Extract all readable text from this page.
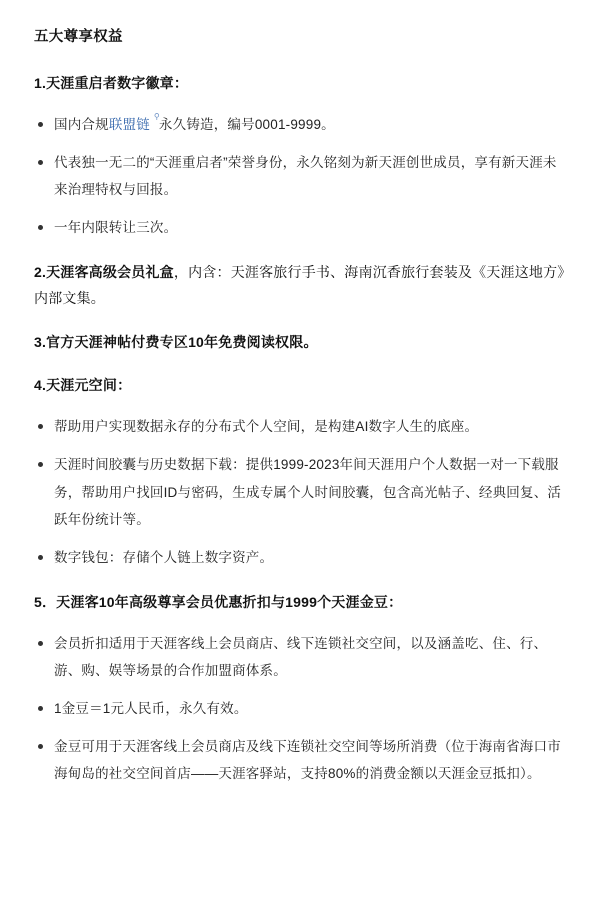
五大尊享权益
1.天涯重启者数字徽章：
国内合规联盟链
⚲
永久铸造，编号0001-9999。
代表独一无二的“天涯重启者”荣誉身份，永久铭刻为新天涯创世成员，享有新天涯未来治理特权与回报。
一年内限转让三次。
2.天涯客高级会员礼盒，内含：天涯客旅行手书、海南沉香旅行套装及《天涯这地方》内部文集。
3.官方天涯神帖付费专区10年免费阅读权限。
4.天涯元空间：
帮助用户实现数据永存的分布式个人空间，是构建AI数字人生的底座。
天涯时间胶囊与历史数据下载：提供1999-2023年间天涯用户个人数据一对一下载服务，帮助用户找回ID与密码，生成专属个人时间胶囊，包含高光帖子、经典回复、活跃年份统计等。
数字钱包：存储个人链上数字资产。
5．天涯客10年高级尊享会员优惠折扣与1999个天涯金豆：
会员折扣适用于天涯客线上会员商店、线下连锁社交空间，以及涵盖吃、住、行、游、购、娱等场景的合作加盟商体系。
1金豆＝1元人民币，永久有效。
金豆可用于天涯客线上会员商店及线下连锁社交空间等场所消费（位于海南省海口市海甸岛的社交空间首店——天涯客驿站，支持80%的消费金额以天涯金豆抵扣）。
